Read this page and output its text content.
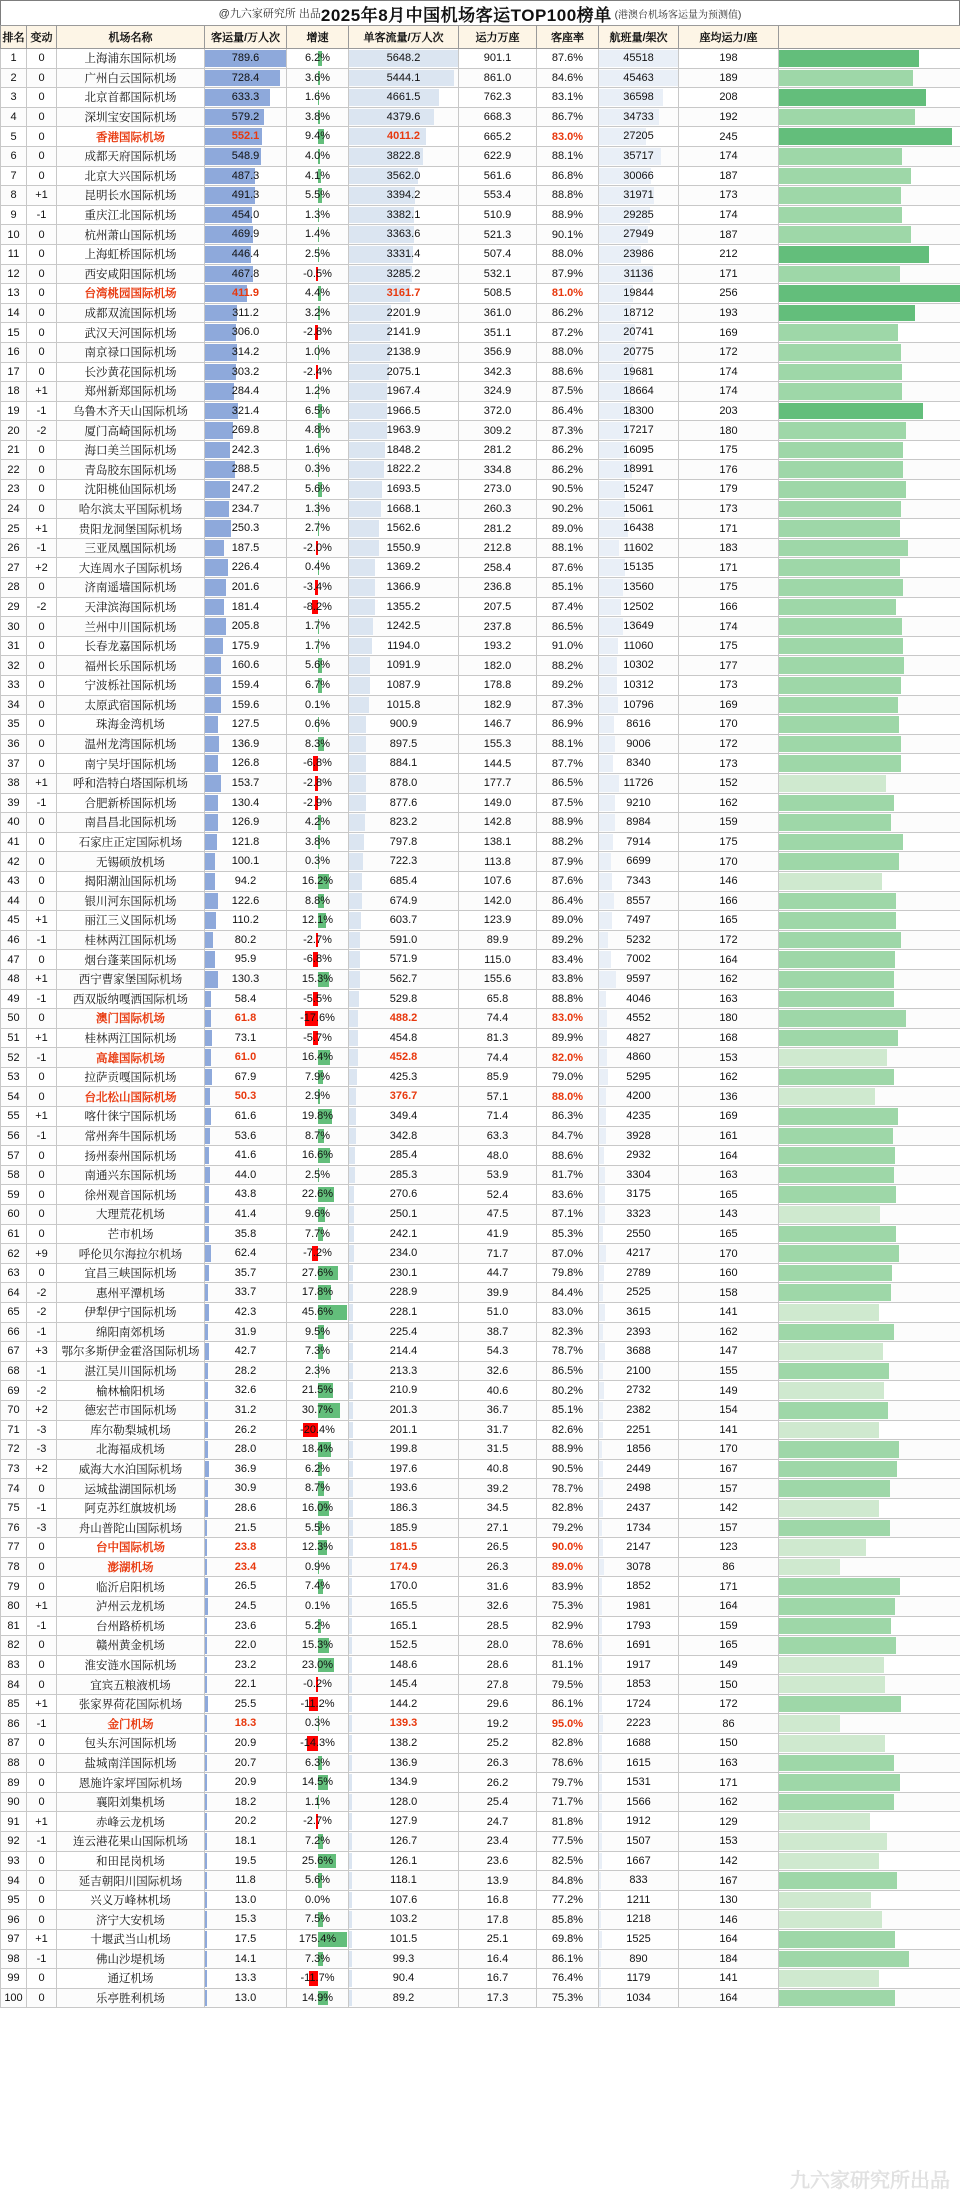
@九六家研究所 出品 2025年8月中国机场客运TOP100榜单 (港澳台机场客运量为预测值)
排名	变动	机场名称	客运量/万人次	增速	单客流量/万人次	运力万座	客座率	航班量/架次	座均运力/座	
1	0	上海浦东国际机场	789.6	6.2%	5648.2	901.1	87.6%	45518	198	

2	0	广州白云国际机场	728.4	3.6%	5444.1	861.0	84.6%	45463	189	

3	0	北京首都国际机场	633.3	1.6%	4661.5	762.3	83.1%	36598	208	

4	0	深圳宝安国际机场	579.2	3.8%	4379.6	668.3	86.7%	34733	192	

5	0	香港国际机场	552.1	9.4%	4011.2	665.2	83.0%	27205	245	

6	0	成都天府国际机场	548.9	4.0%	3822.8	622.9	88.1%	35717	174	

7	0	北京大兴国际机场	487.3	4.1%	3562.0	561.6	86.8%	30066	187	

8	+1	昆明长水国际机场	491.3	5.5%	3394.2	553.4	88.8%	31971	173	

9	-1	重庆江北国际机场	454.0	1.3%	3382.1	510.9	88.9%	29285	174	

10	0	杭州萧山国际机场	469.9	1.4%	3363.6	521.3	90.1%	27949	187	

11	0	上海虹桥国际机场	446.4	2.5%	3331.4	507.4	88.0%	23986	212	

12	0	西安咸阳国际机场	467.8	-0.5%	3285.2	532.1	87.9%	31136	171	

13	0	台湾桃园国际机场	411.9	4.4%	3161.7	508.5	81.0%	19844	256	

14	0	成都双流国际机场	311.2	3.2%	2201.9	361.0	86.2%	18712	193	

15	0	武汉天河国际机场	306.0	-2.8%	2141.9	351.1	87.2%	20741	169	

16	0	南京禄口国际机场	314.2	1.0%	2138.9	356.9	88.0%	20775	172	

17	0	长沙黄花国际机场	303.2	-2.4%	2075.1	342.3	88.6%	19681	174	

18	+1	郑州新郑国际机场	284.4	1.2%	1967.4	324.9	87.5%	18664	174	

19	-1	乌鲁木齐天山国际机场	321.4	6.5%	1966.5	372.0	86.4%	18300	203	

20	-2	厦门高崎国际机场	269.8	4.8%	1963.9	309.2	87.3%	17217	180	

21	0	海口美兰国际机场	242.3	1.6%	1848.2	281.2	86.2%	16095	175	

22	0	青岛胶东国际机场	288.5	0.3%	1822.2	334.8	86.2%	18991	176	

23	0	沈阳桃仙国际机场	247.2	5.6%	1693.5	273.0	90.5%	15247	179	

24	0	哈尔滨太平国际机场	234.7	1.3%	1668.1	260.3	90.2%	15061	173	

25	+1	贵阳龙洞堡国际机场	250.3	2.7%	1562.6	281.2	89.0%	16438	171	

26	-1	三亚凤凰国际机场	187.5	-2.0%	1550.9	212.8	88.1%	11602	183	

27	+2	大连周水子国际机场	226.4	0.4%	1369.2	258.4	87.6%	15135	171	

28	0	济南遥墙国际机场	201.6	-3.4%	1366.9	236.8	85.1%	13560	175	

29	-2	天津滨海国际机场	181.4	-8.2%	1355.2	207.5	87.4%	12502	166	

30	0	兰州中川国际机场	205.8	1.7%	1242.5	237.8	86.5%	13649	174	

31	0	长春龙嘉国际机场	175.9	1.7%	1194.0	193.2	91.0%	11060	175	

32	0	福州长乐国际机场	160.6	5.6%	1091.9	182.0	88.2%	10302	177	

33	0	宁波栎社国际机场	159.4	6.7%	1087.9	178.8	89.2%	10312	173	

34	0	太原武宿国际机场	159.6	0.1%	1015.8	182.9	87.3%	10796	169	

35	0	珠海金湾机场	127.5	0.6%	900.9	146.7	86.9%	8616	170	

36	0	温州龙湾国际机场	136.9	8.3%	897.5	155.3	88.1%	9006	172	

37	0	南宁吴圩国际机场	126.8	-6.8%	884.1	144.5	87.7%	8340	173	

38	+1	呼和浩特白塔国际机场	153.7	-2.8%	878.0	177.7	86.5%	11726	152	

39	-1	合肥新桥国际机场	130.4	-2.9%	877.6	149.0	87.5%	9210	162	

40	0	南昌昌北国际机场	126.9	4.2%	823.2	142.8	88.9%	8984	159	

41	0	石家庄正定国际机场	121.8	3.8%	797.8	138.1	88.2%	7914	175	

42	0	无锡硕放机场	100.1	0.3%	722.3	113.8	87.9%	6699	170	

43	0	揭阳潮汕国际机场	94.2	16.2%	685.4	107.6	87.6%	7343	146	

44	0	银川河东国际机场	122.6	8.8%	674.9	142.0	86.4%	8557	166	

45	+1	丽江三义国际机场	110.2	12.1%	603.7	123.9	89.0%	7497	165	

46	-1	桂林两江国际机场	80.2	-2.7%	591.0	89.9	89.2%	5232	172	

47	0	烟台蓬莱国际机场	95.9	-6.8%	571.9	115.0	83.4%	7002	164	

48	+1	西宁曹家堡国际机场	130.3	15.3%	562.7	155.6	83.8%	9597	162	

49	-1	西双版纳嘎洒国际机场	58.4	-5.5%	529.8	65.8	88.8%	4046	163	

50	0	澳门国际机场	61.8	-17.6%	488.2	74.4	83.0%	4552	180	

51	+1	桂林两江国际机场	73.1	-5.7%	454.8	81.3	89.9%	4827	168	

52	-1	高雄国际机场	61.0	16.4%	452.8	74.4	82.0%	4860	153	

53	0	拉萨贡嘎国际机场	67.9	7.9%	425.3	85.9	79.0%	5295	162	

54	0	台北松山国际机场	50.3	2.9%	376.7	57.1	88.0%	4200	136	

55	+1	喀什徕宁国际机场	61.6	19.8%	349.4	71.4	86.3%	4235	169	

56	-1	常州奔牛国际机场	53.6	8.7%	342.8	63.3	84.7%	3928	161	

57	0	扬州泰州国际机场	41.6	16.6%	285.4	48.0	88.6%	2932	164	

58	0	南通兴东国际机场	44.0	2.5%	285.3	53.9	81.7%	3304	163	

59	0	徐州观音国际机场	43.8	22.6%	270.6	52.4	83.6%	3175	165	

60	0	大理荒花机场	41.4	9.6%	250.1	47.5	87.1%	3323	143	

61	0	芒市机场	35.8	7.7%	242.1	41.9	85.3%	2550	165	

62	+9	呼伦贝尔海拉尔机场	62.4	-7.2%	234.0	71.7	87.0%	4217	170	

63	0	宜昌三峡国际机场	35.7	27.6%	230.1	44.7	79.8%	2789	160	

64	-2	惠州平潭机场	33.7	17.8%	228.9	39.9	84.4%	2525	158	

65	-2	伊犁伊宁国际机场	42.3	45.6%	228.1	51.0	83.0%	3615	141	

66	-1	绵阳南郊机场	31.9	9.5%	225.4	38.7	82.3%	2393	162	

67	+3	鄂尔多斯伊金霍洛国际机场	42.7	7.3%	214.4	54.3	78.7%	3688	147	

68	-1	湛江吴川国际机场	28.2	2.3%	213.3	32.6	86.5%	2100	155	

69	-2	榆林榆阳机场	32.6	21.5%	210.9	40.6	80.2%	2732	149	

70	+2	德宏芒市国际机场	31.2	30.7%	201.3	36.7	85.1%	2382	154	

71	-3	库尔勒梨城机场	26.2	-20.4%	201.1	31.7	82.6%	2251	141	

72	-3	北海福成机场	28.0	18.4%	199.8	31.5	88.9%	1856	170	

73	+2	威海大水泊国际机场	36.9	6.2%	197.6	40.8	90.5%	2449	167	

74	0	运城盐湖国际机场	30.9	8.7%	193.6	39.2	78.7%	2498	157	

75	-1	阿克苏红旗坡机场	28.6	16.0%	186.3	34.5	82.8%	2437	142	

76	-3	舟山普陀山国际机场	21.5	5.5%	185.9	27.1	79.2%	1734	157	

77	0	台中国际机场	23.8	12.3%	181.5	26.5	90.0%	2147	123	

78	0	澎湖机场	23.4	0.9%	174.9	26.3	89.0%	3078	86	

79	0	临沂启阳机场	26.5	7.4%	170.0	31.6	83.9%	1852	171	

80	+1	泸州云龙机场	24.5	0.1%	165.5	32.6	75.3%	1981	164	

81	-1	台州路桥机场	23.6	5.2%	165.1	28.5	82.9%	1793	159	

82	0	赣州黄金机场	22.0	15.3%	152.5	28.0	78.6%	1691	165	

83	0	淮安涟水国际机场	23.2	23.0%	148.6	28.6	81.1%	1917	149	

84	0	宜宾五粮液机场	22.1	-0.2%	145.4	27.8	79.5%	1853	150	

85	+1	张家界荷花国际机场	25.5	-11.2%	144.2	29.6	86.1%	1724	172	

86	-1	金门机场	18.3	0.3%	139.3	19.2	95.0%	2223	86	

87	0	包头东河国际机场	20.9	-14.3%	138.2	25.2	82.8%	1688	150	

88	0	盐城南洋国际机场	20.7	6.3%	136.9	26.3	78.6%	1615	163	

89	0	恩施许家坪国际机场	20.9	14.5%	134.9	26.2	79.7%	1531	171	

90	0	襄阳刘集机场	18.2	1.1%	128.0	25.4	71.7%	1566	162	

91	+1	赤峰云龙机场	20.2	-2.7%	127.9	24.7	81.8%	1912	129	

92	-1	连云港花果山国际机场	18.1	7.2%	126.7	23.4	77.5%	1507	153	

93	0	和田昆岗机场	19.5	25.6%	126.1	23.6	82.5%	1667	142	

94	0	延吉朝阳川国际机场	11.8	5.6%	118.1	13.9	84.8%	833	167	

95	0	兴义万峰林机场	13.0	0.0%	107.6	16.8	77.2%	1211	130	

96	0	济宁大安机场	15.3	7.5%	103.2	17.8	85.8%	1218	146	

97	+1	十堰武当山机场	17.5	175.4%	101.5	25.1	69.8%	1525	164	

98	-1	佛山沙堤机场	14.1	7.3%	99.3	16.4	86.1%	890	184	

99	0	通辽机场	13.3	-11.7%	90.4	16.7	76.4%	1179	141	

100	0	乐亭胜利机场	13.0	14.9%	89.2	17.3	75.3%	1034	164	
九六家研究所出品
